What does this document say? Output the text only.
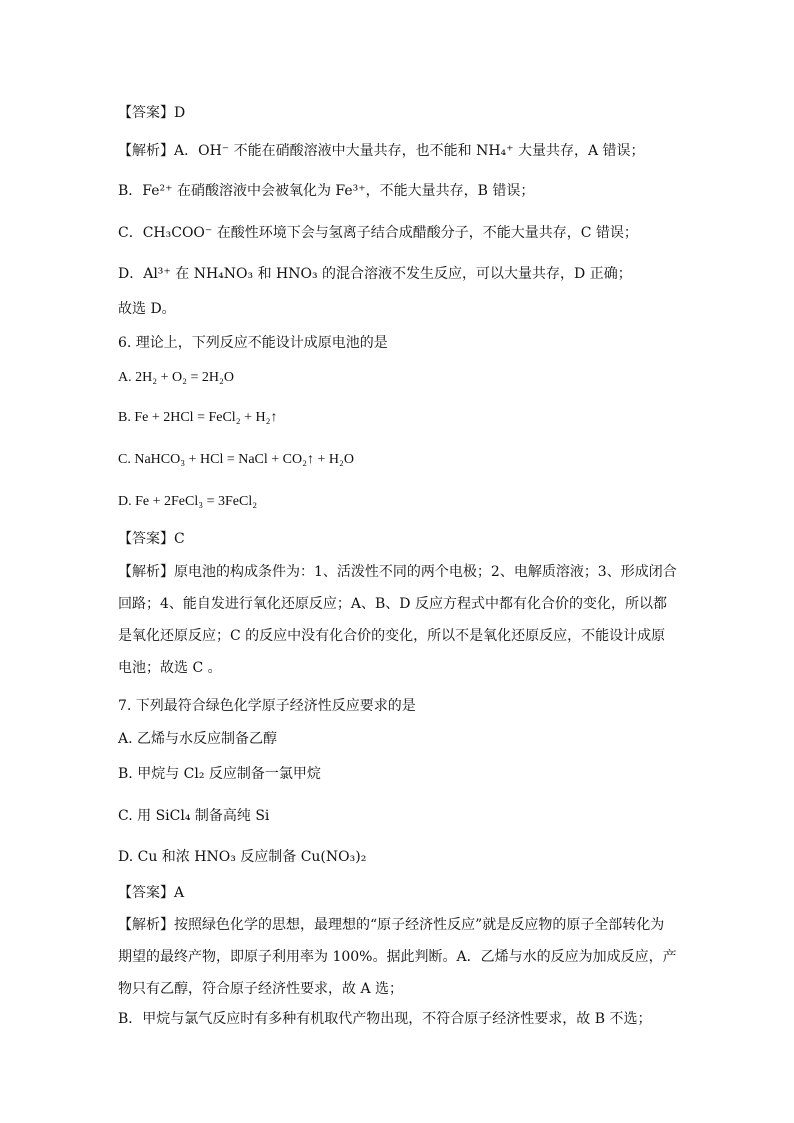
【答案】D
【解析】A．OH⁻ 不能在硝酸溶液中大量共存，也不能和 NH₄⁺ 大量共存，A 错误；
B．Fe²⁺ 在硝酸溶液中会被氧化为 Fe³⁺，不能大量共存，B 错误；
C．CH₃COO⁻ 在酸性环境下会与氢离子结合成醋酸分子，不能大量共存，C 错误；
D．Al³⁺ 在 NH₄NO₃ 和 HNO₃ 的混合溶液不发生反应，可以大量共存，D 正确；
故选 D。
6. 理论上，下列反应不能设计成原电池的是
A. 2H₂ + O₂ = 2H₂O
B. Fe + 2HCl = FeCl₂ + H₂↑
C. NaHCO₃ + HCl = NaCl + CO₂↑ + H₂O
D. Fe + 2FeCl₃ = 3FeCl₂
【答案】C
【解析】原电池的构成条件为：1、活泼性不同的两个电极；2、电解质溶液；3、形成闭合回路；4、能自发进行氧化还原反应；A、B、D 反应方程式中都有化合价的变化，所以都是氧化还原反应；C 的反应中没有化合价的变化，所以不是氧化还原反应，不能设计成原电池；故选 C 。
7. 下列最符合绿色化学原子经济性反应要求的是
A. 乙烯与水反应制备乙醇
B. 甲烷与 Cl₂ 反应制备一氯甲烷
C. 用 SiCl₄ 制备高纯 Si
D. Cu 和浓 HNO₃ 反应制备 Cu(NO₃)₂
【答案】A
【解析】按照绿色化学的思想，最理想的“原子经济性反应”就是反应物的原子全部转化为期望的最终产物，即原子利用率为 100%。据此判断。A．乙烯与水的反应为加成反应，产物只有乙醇，符合原子经济性要求，故 A 选；
B．甲烷与氯气反应时有多种有机取代产物出现，不符合原子经济性要求，故 B 不选；
